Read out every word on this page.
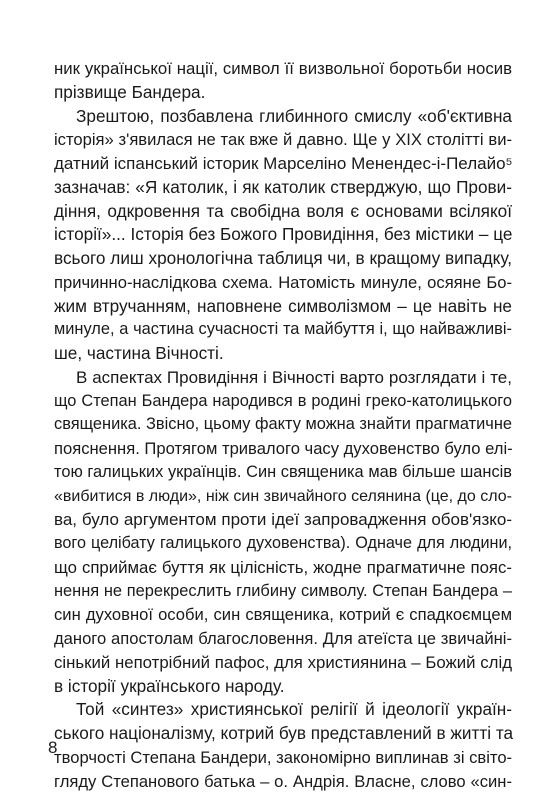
ник української нації, символ її визвольної боротьби носив
прізвище Бандера.
Зрештою, позбавлена глибинного смислу «об'єктивна
історія» з'явилася не так вже й давно. Ще у XIX столітті ви-
датний іспанський історик Марселіно Менендес-і-Пелайо⁵
зазначав: «Я католик, і як католик стверджую, що Прови-
діння, одкровення та свобідна воля є основами всілякої
історії»... Історія без Божого Провидіння, без містики – це
всього лиш хронологічна таблиця чи, в кращому випадку,
причинно-наслідкова схема. Натомість минуле, осяяне Бо-
жим втручанням, наповнене символізмом – це навіть не
минуле, а частина сучасності та майбуття і, що найважливі-
ше, частина Вічності.
В аспектах Провидіння і Вічності варто розглядати і те,
що Степан Бандера народився в родині греко-католицького
священика. Звісно, цьому факту можна знайти прагматичне
пояснення. Протягом тривалого часу духовенство було елі-
тою галицьких українців. Син священика мав більше шансів
«вибитися в люди», ніж син звичайного селянина (це, до сло-
ва, було аргументом проти ідеї запровадження обов'язко-
вого целібату галицького духовенства). Одначе для людини,
що сприймає буття як цілісність, жодне прагматичне пояс-
нення не перекреслить глибину символу. Степан Бандера –
син духовної особи, син священика, котрий є спадкоємцем
даного апостолам благословення. Для атеїста це звичайні-
сінький непотрібний пафос, для християнина – Божий слід
в історії українського народу.
Той «синтез» християнської релігії й ідеології україн-
ського націоналізму, котрий був представлений в житті та
творчості Степана Бандери, закономірно виплинав зі світо-
гляду Степанового батька – о. Андрія. Власне, слово «син-
8
